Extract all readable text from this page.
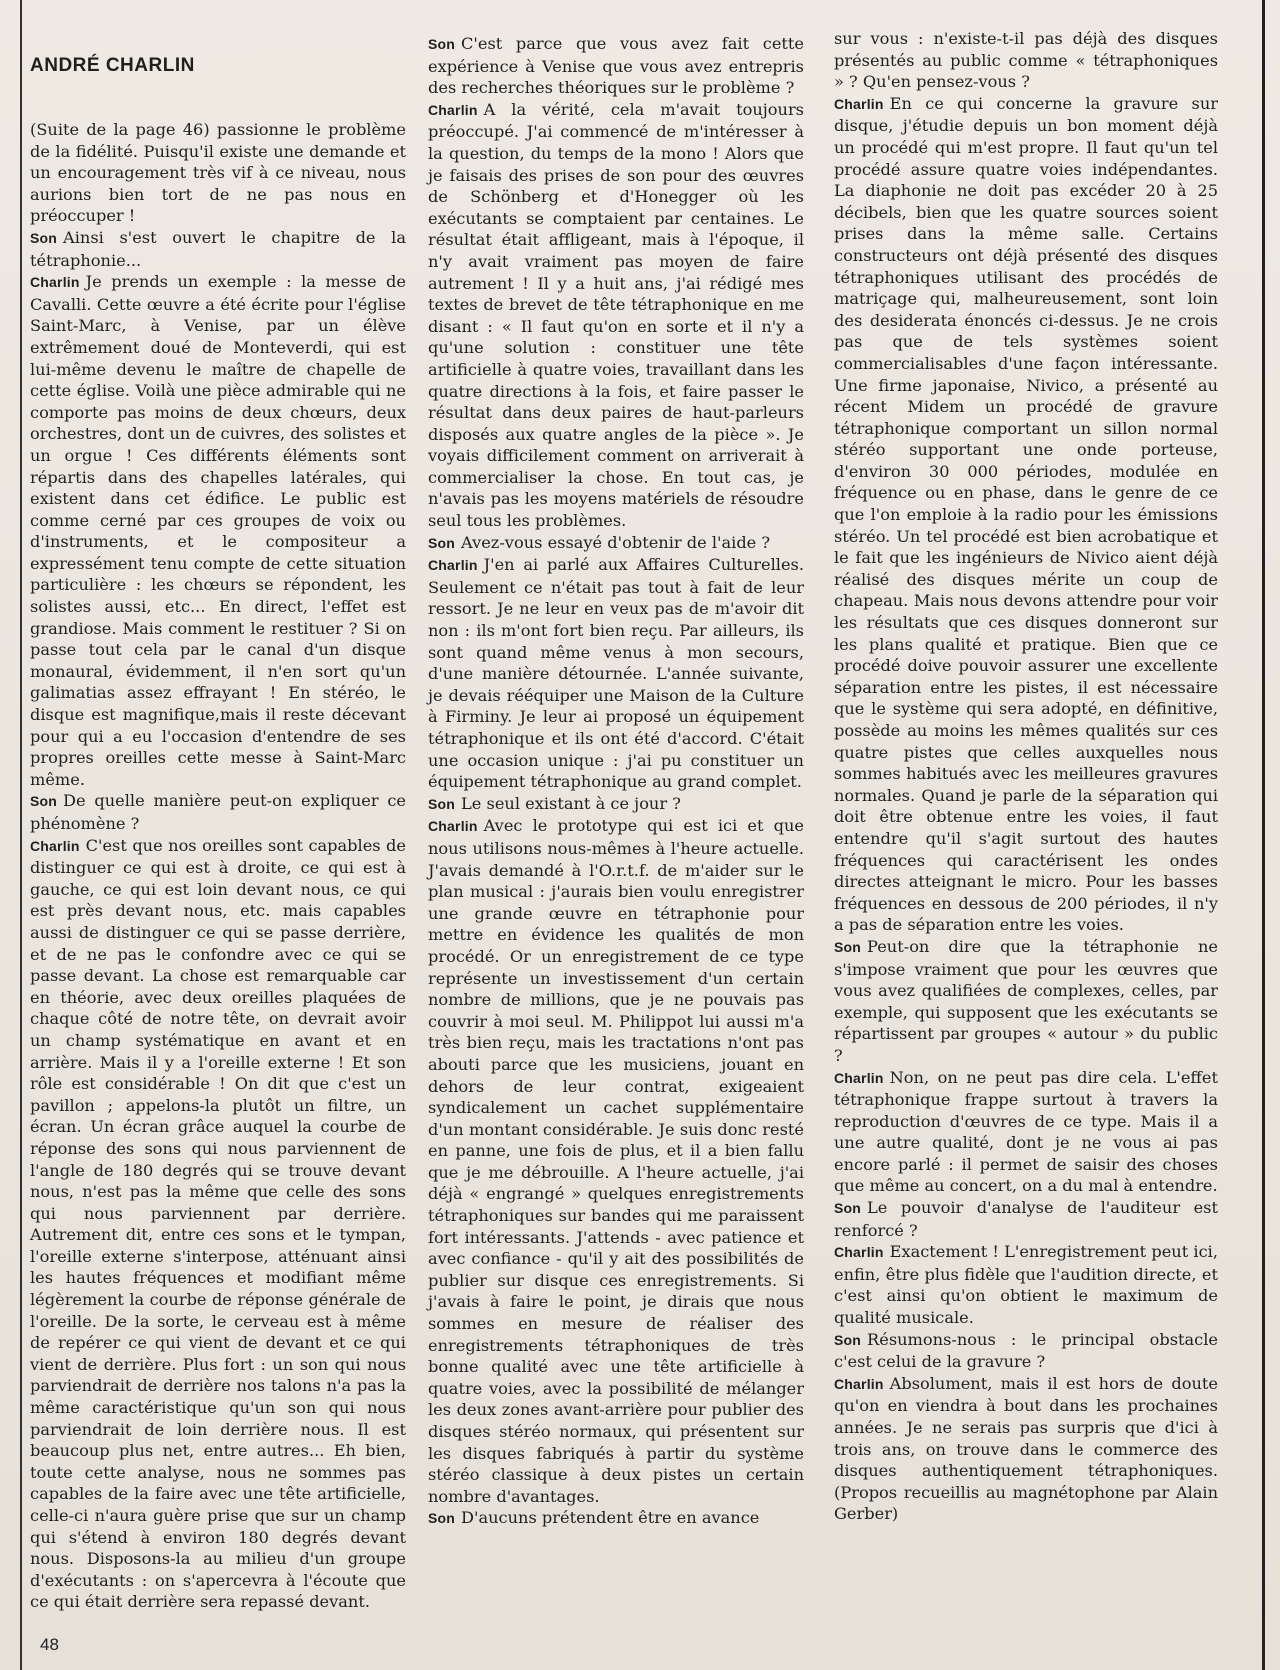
ANDRÉ CHARLIN
(Suite de la page 46) passionne le problème de la fidélité. Puisqu'il existe une demande et un encouragement très vif à ce niveau, nous aurions bien tort de ne pas nous en préoccuper !
Son Ainsi s'est ouvert le chapitre de la tétraphonie...
Charlin Je prends un exemple : la messe de Cavalli. Cette œuvre a été écrite pour l'église Saint-Marc, à Venise, par un élève extrêmement doué de Monteverdi, qui est lui-même devenu le maître de chapelle de cette église. Voilà une pièce admirable qui ne comporte pas moins de deux chœurs, deux orchestres, dont un de cuivres, des solistes et un orgue ! Ces différents éléments sont répartis dans des chapelles latérales, qui existent dans cet édifice. Le public est comme cerné par ces groupes de voix ou d'instruments, et le compositeur a expressément tenu compte de cette situation particulière : les chœurs se répondent, les solistes aussi, etc... En direct, l'effet est grandiose. Mais comment le restituer ? Si on passe tout cela par le canal d'un disque monaural, évidemment, il n'en sort qu'un galimatias assez effrayant ! En stéréo, le disque est magnifique,mais il reste décevant pour qui a eu l'occasion d'entendre de ses propres oreilles cette messe à Saint-Marc même.
Son De quelle manière peut-on expliquer ce phénomène ?
Charlin C'est que nos oreilles sont capables de distinguer ce qui est à droite, ce qui est à gauche, ce qui est loin devant nous, ce qui est près devant nous, etc. mais capables aussi de distinguer ce qui se passe derrière, et de ne pas le confondre avec ce qui se passe devant. La chose est remarquable car en théorie, avec deux oreilles plaquées de chaque côté de notre tête, on devrait avoir un champ systématique en avant et en arrière. Mais il y a l'oreille externe ! Et son rôle est considérable ! On dit que c'est un pavillon ; appelons-la plutôt un filtre, un écran. Un écran grâce auquel la courbe de réponse des sons qui nous parviennent de l'angle de 180 degrés qui se trouve devant nous, n'est pas la même que celle des sons qui nous parviennent par derrière. Autrement dit, entre ces sons et le tympan, l'oreille externe s'interpose, atténuant ainsi les hautes fréquences et modifiant même légèrement la courbe de réponse générale de l'oreille. De la sorte, le cerveau est à même de repérer ce qui vient de devant et ce qui vient de derrière. Plus fort : un son qui nous parviendrait de derrière nos talons n'a pas la même caractéristique qu'un son qui nous parviendrait de loin derrière nous. Il est beaucoup plus net, entre autres... Eh bien, toute cette analyse, nous ne sommes pas capables de la faire avec une tête artificielle, celle-ci n'aura guère prise que sur un champ qui s'étend à environ 180 degrés devant nous. Disposons-la au milieu d'un groupe d'exécutants : on s'apercevra à l'écoute que ce qui était derrière sera repassé devant.
Son C'est parce que vous avez fait cette expérience à Venise que vous avez entrepris des recherches théoriques sur le problème ?
Charlin A la vérité, cela m'avait toujours préoccupé. J'ai commencé de m'intéresser à la question, du temps de la mono ! Alors que je faisais des prises de son pour des œuvres de Schönberg et d'Honegger où les exécutants se comptaient par centaines. Le résultat était affligeant, mais à l'époque, il n'y avait vraiment pas moyen de faire autrement ! Il y a huit ans, j'ai rédigé mes textes de brevet de tête tétraphonique en me disant : « Il faut qu'on en sorte et il n'y a qu'une solution : constituer une tête artificielle à quatre voies, travaillant dans les quatre directions à la fois, et faire passer le résultat dans deux paires de haut-parleurs disposés aux quatre angles de la pièce ». Je voyais difficilement comment on arriverait à commercialiser la chose. En tout cas, je n'avais pas les moyens matériels de résoudre seul tous les problèmes.
Son Avez-vous essayé d'obtenir de l'aide ?
Charlin J'en ai parlé aux Affaires Culturelles. Seulement ce n'était pas tout à fait de leur ressort. Je ne leur en veux pas de m'avoir dit non : ils m'ont fort bien reçu. Par ailleurs, ils sont quand même venus à mon secours, d'une manière détournée. L'année suivante, je devais rééquiper une Maison de la Culture à Firminy. Je leur ai proposé un équipement tétraphonique et ils ont été d'accord. C'était une occasion unique : j'ai pu constituer un équipement tétraphonique au grand complet.
Son Le seul existant à ce jour ?
Charlin Avec le prototype qui est ici et que nous utilisons nous-mêmes à l'heure actuelle. J'avais demandé à l'O.r.t.f. de m'aider sur le plan musical : j'aurais bien voulu enregistrer une grande œuvre en tétraphonie pour mettre en évidence les qualités de mon procédé. Or un enregistrement de ce type représente un investissement d'un certain nombre de millions, que je ne pouvais pas couvrir à moi seul. M. Philippot lui aussi m'a très bien reçu, mais les tractations n'ont pas abouti parce que les musiciens, jouant en dehors de leur contrat, exigeaient syndicalement un cachet supplémentaire d'un montant considérable. Je suis donc resté en panne, une fois de plus, et il a bien fallu que je me débrouille. A l'heure actuelle, j'ai déjà « engrangé » quelques enregistrements tétraphoniques sur bandes qui me paraissent fort intéressants. J'attends - avec patience et avec confiance - qu'il y ait des possibilités de publier sur disque ces enregistrements. Si j'avais à faire le point, je dirais que nous sommes en mesure de réaliser des enregistrements tétraphoniques de très bonne qualité avec une tête artificielle à quatre voies, avec la possibilité de mélanger les deux zones avant-arrière pour publier des disques stéréo normaux, qui présentent sur les disques fabriqués à partir du système stéréo classique à deux pistes un certain nombre d'avantages.
Son D'aucuns prétendent être en avance
sur vous : n'existe-t-il pas déjà des disques présentés au public comme « tétraphoniques » ? Qu'en pensez-vous ?
Charlin En ce qui concerne la gravure sur disque, j'étudie depuis un bon moment déjà un procédé qui m'est propre. Il faut qu'un tel procédé assure quatre voies indépendantes. La diaphonie ne doit pas excéder 20 à 25 décibels, bien que les quatre sources soient prises dans la même salle. Certains constructeurs ont déjà présenté des disques tétraphoniques utilisant des procédés de matriçage qui, malheureusement, sont loin des desiderata énoncés ci-dessus. Je ne crois pas que de tels systèmes soient commercialisables d'une façon intéressante. Une firme japonaise, Nivico, a présenté au récent Midem un procédé de gravure tétraphonique comportant un sillon normal stéréo supportant une onde porteuse, d'environ 30 000 périodes, modulée en fréquence ou en phase, dans le genre de ce que l'on emploie à la radio pour les émissions stéréo. Un tel procédé est bien acrobatique et le fait que les ingénieurs de Nivico aient déjà réalisé des disques mérite un coup de chapeau. Mais nous devons attendre pour voir les résultats que ces disques donneront sur les plans qualité et pratique. Bien que ce procédé doive pouvoir assurer une excellente séparation entre les pistes, il est nécessaire que le système qui sera adopté, en définitive, possède au moins les mêmes qualités sur ces quatre pistes que celles auxquelles nous sommes habitués avec les meilleures gravures normales. Quand je parle de la séparation qui doit être obtenue entre les voies, il faut entendre qu'il s'agit surtout des hautes fréquences qui caractérisent les ondes directes atteignant le micro. Pour les basses fréquences en dessous de 200 périodes, il n'y a pas de séparation entre les voies.
Son Peut-on dire que la tétraphonie ne s'impose vraiment que pour les œuvres que vous avez qualifiées de complexes, celles, par exemple, qui supposent que les exécutants se répartissent par groupes « autour » du public ?
Charlin Non, on ne peut pas dire cela. L'effet tétraphonique frappe surtout à travers la reproduction d'œuvres de ce type. Mais il a une autre qualité, dont je ne vous ai pas encore parlé : il permet de saisir des choses que même au concert, on a du mal à entendre.
Son Le pouvoir d'analyse de l'auditeur est renforcé ?
Charlin Exactement ! L'enregistrement peut ici, enfin, être plus fidèle que l'audition directe, et c'est ainsi qu'on obtient le maximum de qualité musicale.
Son Résumons-nous : le principal obstacle c'est celui de la gravure ?
Charlin Absolument, mais il est hors de doute qu'on en viendra à bout dans les prochaines années. Je ne serais pas surpris que d'ici à trois ans, on trouve dans le commerce des disques authentiquement tétraphoniques. (Propos recueillis au magnétophone par Alain Gerber)
48
